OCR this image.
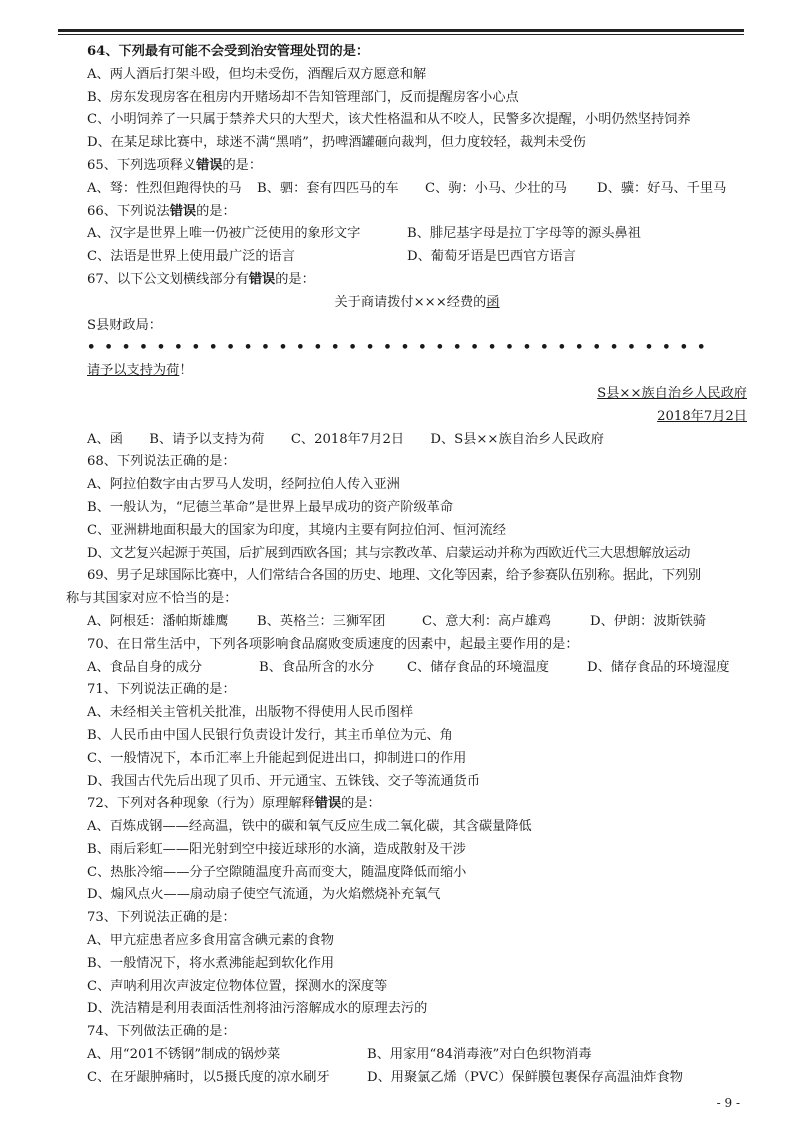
64、下列最有可能不会受到治安管理处罚的是：
A、两人酒后打架斗殴，但均未受伤，酒醒后双方愿意和解
B、房东发现房客在租房内开赌场却不告知管理部门，反而提醒房客小心点
C、小明饲养了一只属于禁养犬只的大型犬，该犬性格温和从不咬人，民警多次提醒，小明仍然坚持饲养
D、在某足球比赛中，球迷不满“黑哨”，扔啤酒罐砸向裁判，但力度较轻，裁判未受伤
65、下列选项释义错误的是：
A、驽：性烈但跑得快的马 B、驷：套有四匹马的车 C、驹：小马、少壮的马 D、骥：好马、千里马
66、下列说法错误的是：
A、汉字是世界上唯一仍被广泛使用的象形文字	B、腓尼基字母是拉丁字母等的源头鼻祖
C、法语是世界上使用最广泛的语言	D、葡萄牙语是巴西官方语言
67、以下公文划横线部分有错误的是：
关于商请拨付×××经费的函
S县财政局：
••••••••••••••••••••••••••••••••••••
请予以支持为荷！
S县××族自治乡人民政府
2018年7月2日
A、函　　B、请予以支持为荷　　C、2018年7月2日　　D、S县××族自治乡人民政府
68、下列说法正确的是：
A、阿拉伯数字由古罗马人发明，经阿拉伯人传入亚洲
B、一般认为，“尼德兰革命”是世界上最早成功的资产阶级革命
C、亚洲耕地面积最大的国家为印度，其境内主要有阿拉伯河、恒河流经
D、文艺复兴起源于英国，后扩展到西欧各国；其与宗教改革、启蒙运动并称为西欧近代三大思想解放运动
69、男子足球国际比赛中，人们常结合各国的历史、地理、文化等因素，给予参赛队伍别称。据此，下列别
称与其国家对应不恰当的是：
A、阿根廷：潘帕斯雄鹰 B、英格兰：三狮军团	C、意大利：高卢雄鸡	D、伊朗：波斯铁骑
70、在日常生活中，下列各项影响食品腐败变质速度的因素中，起最主要作用的是：
A、食品自身的成分	B、食品所含的水分 C、储存食品的环境温度	D、储存食品的环境湿度
71、下列说法正确的是：
A、未经相关主管机关批准，出版物不得使用人民币图样
B、人民币由中国人民银行负责设计发行，其主币单位为元、角
C、一般情况下，本币汇率上升能起到促进出口，抑制进口的作用
D、我国古代先后出现了贝币、开元通宝、五铢钱、交子等流通货币
72、下列对各种现象（行为）原理解释错误的是：
A、百炼成钢——经高温，铁中的碳和氧气反应生成二氧化碳，其含碳量降低
B、雨后彩虹——阳光射到空中接近球形的水滴，造成散射及干涉
C、热胀冷缩——分子空隙随温度升高而变大，随温度降低而缩小
D、煽风点火——扇动扇子使空气流通，为火焰燃烧补充氧气
73、下列说法正确的是：
A、甲亢症患者应多食用富含碘元素的食物
B、一般情况下，将水煮沸能起到软化作用
C、声呐利用次声波定位物体位置，探测水的深度等
D、洗洁精是利用表面活性剂将油污溶解成水的原理去污的
74、下列做法正确的是：
A、用“201不锈钢”制成的锅炒菜	B、用家用“84消毒液”对白色织物消毒
C、在牙龈肿痛时，以5摄氏度的凉水刷牙	D、用聚氯乙烯（PVC）保鲜膜包裹保存高温油炸食物
- 9 -
